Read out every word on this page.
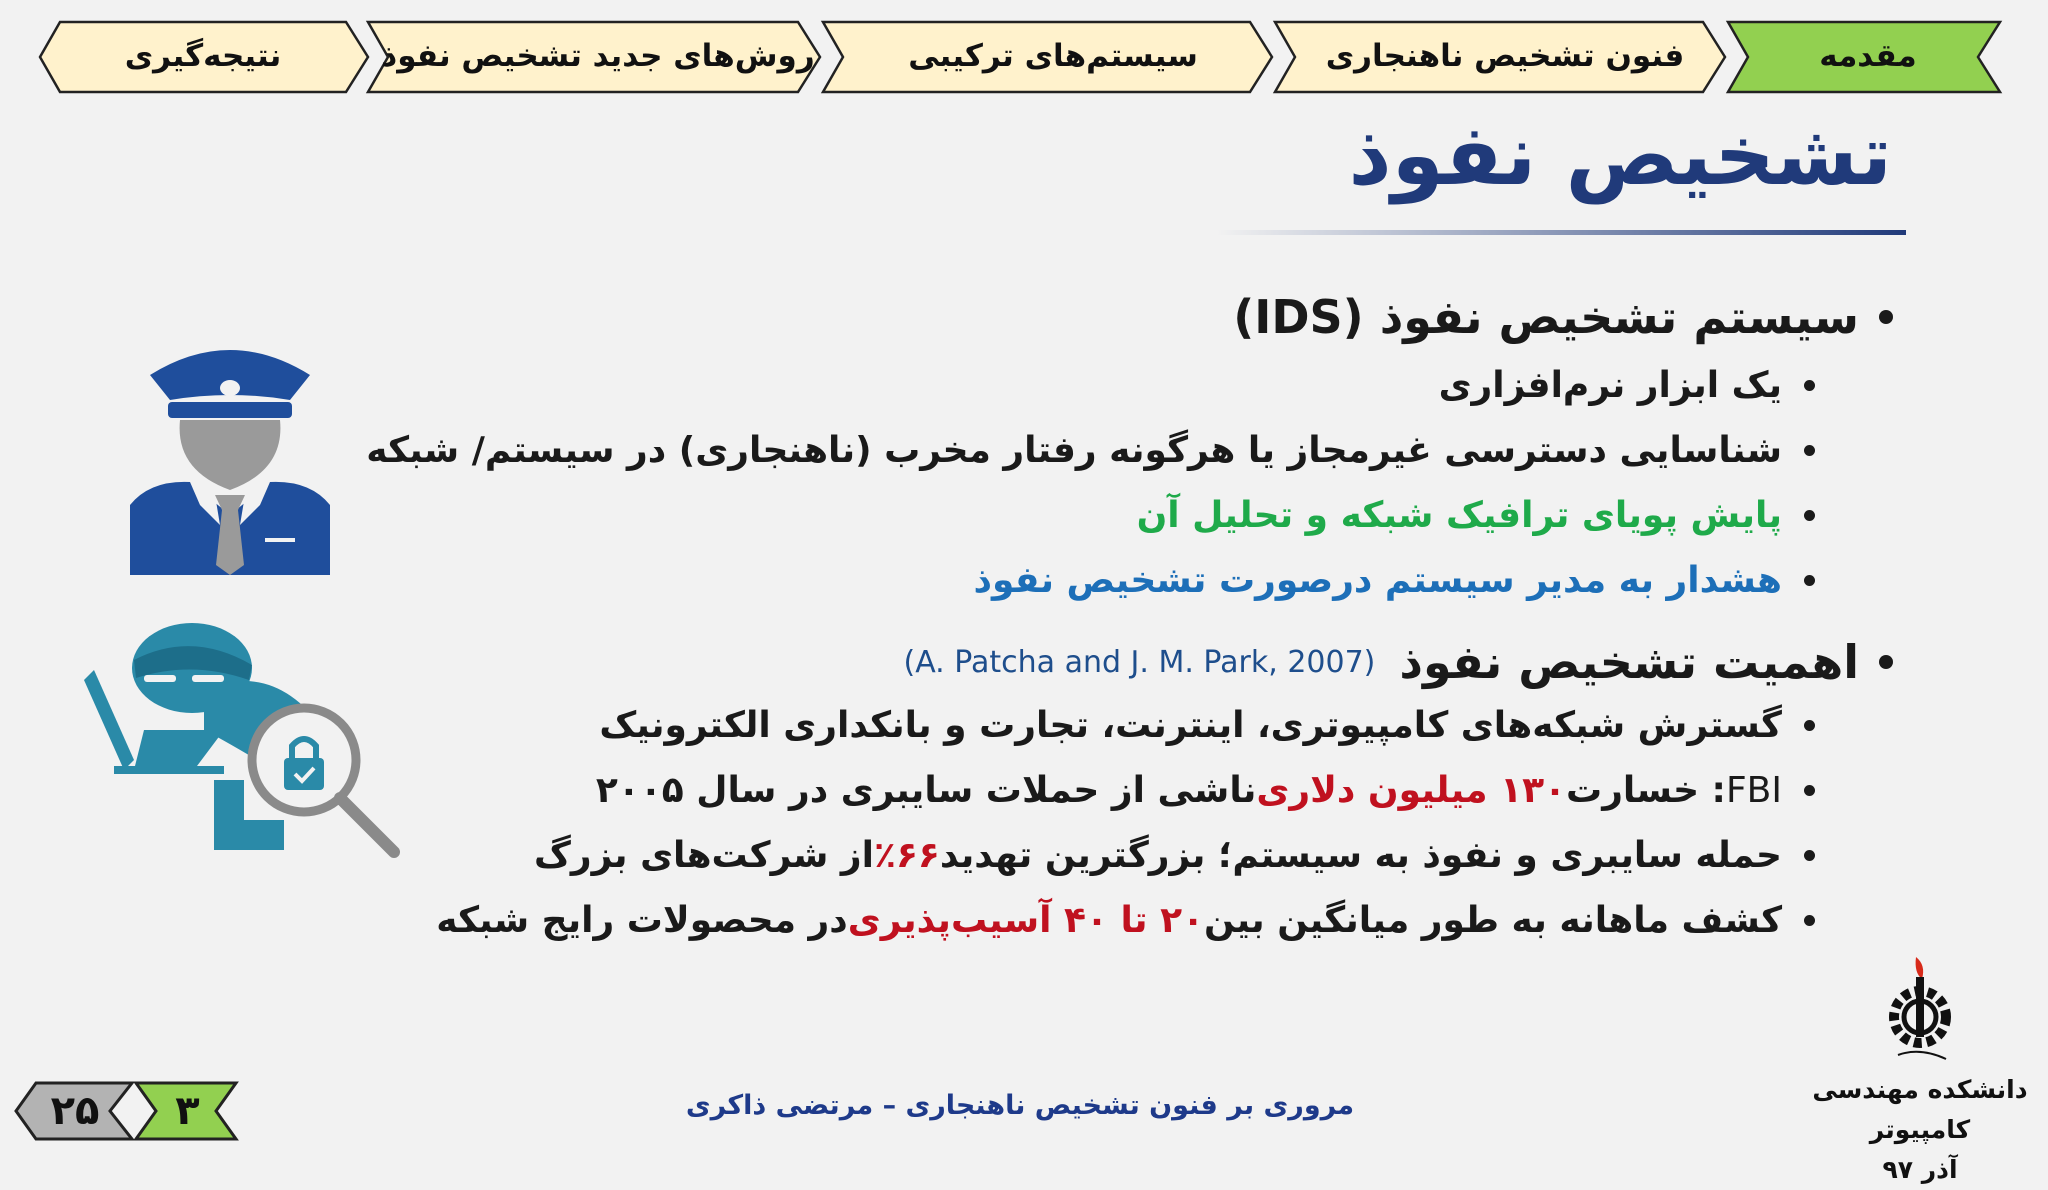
نتیجه‌گیری	روش‌های جدید تشخیص نفوذ	سیستم‌های ترکیبی	فنون تشخیص ناهنجاری	مقدمه
تشخیص نفوذ
سیستم تشخیص نفوذ (IDS)
یک ابزار نرم‌افزاری
شناسایی دسترسی غیرمجاز یا هرگونه رفتار مخرب (ناهنجاری) در سیستم/ شبکه
پایش پویای ترافیک شبکه و تحلیل آن
هشدار به مدیر سیستم درصورت تشخیص نفوذ
اهمیت تشخیص نفوذ
(A. Patcha and J. M. Park, 2007)
گسترش شبکه‌های کامپیوتری، اینترنت، تجارت و بانکداری الکترونیک
FBI
: خسارت
۱۳۰ میلیون دلاری
ناشی از حملات سایبری در سال ۲۰۰۵
حمله سایبری و نفوذ به سیستم؛ بزرگترین تهدید
٪۶۶
از شرکت‌های بزرگ
کشف ماهانه به طور میانگین بین
۲۰ تا ۴۰ آسیب‌پذیری
در محصولات رایج شبکه
۲۵	۳	مروری بر فنون تشخیص ناهنجاری – مرتضی ذاکری
دانشکده مهندسی کامپیوتر
آذر ۹۷
